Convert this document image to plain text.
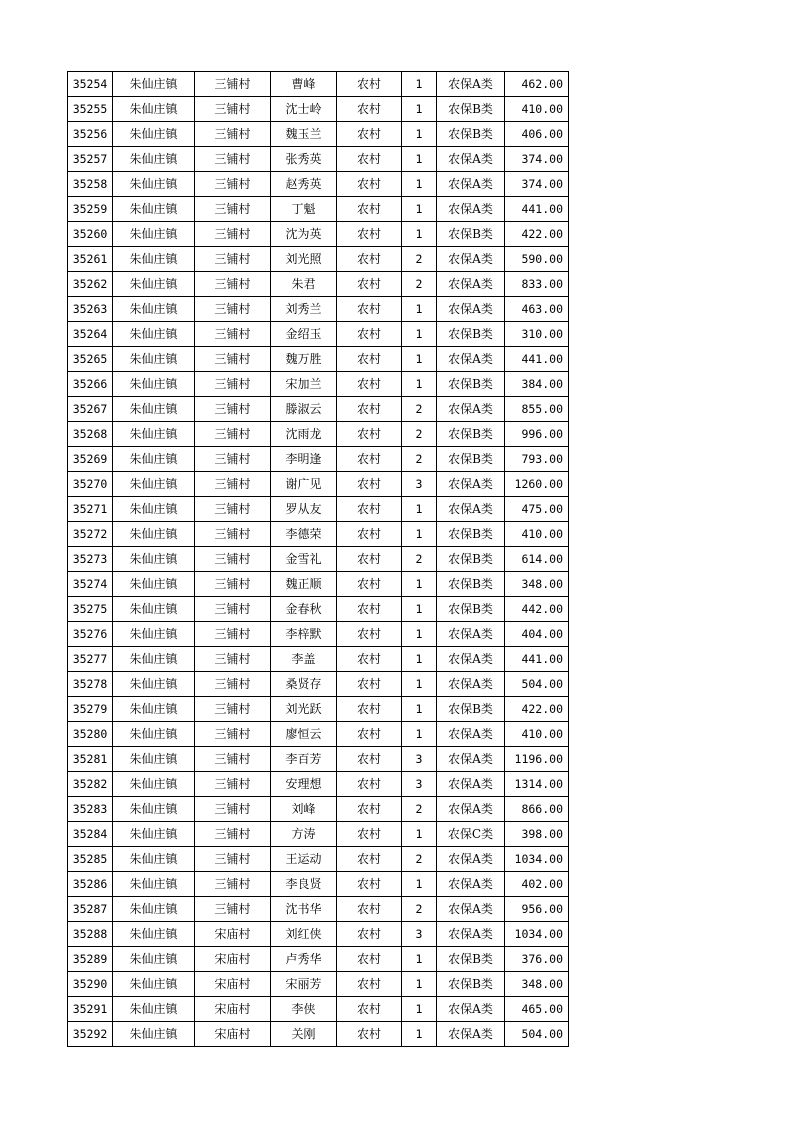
35254	朱仙庄镇	三铺村	曹峰	农村	1	农保A类	462.00
35255	朱仙庄镇	三铺村	沈士岭	农村	1	农保B类	410.00
35256	朱仙庄镇	三铺村	魏玉兰	农村	1	农保B类	406.00
35257	朱仙庄镇	三铺村	张秀英	农村	1	农保A类	374.00
35258	朱仙庄镇	三铺村	赵秀英	农村	1	农保A类	374.00
35259	朱仙庄镇	三铺村	丁魁	农村	1	农保A类	441.00
35260	朱仙庄镇	三铺村	沈为英	农村	1	农保B类	422.00
35261	朱仙庄镇	三铺村	刘光照	农村	2	农保A类	590.00
35262	朱仙庄镇	三铺村	朱君	农村	2	农保A类	833.00
35263	朱仙庄镇	三铺村	刘秀兰	农村	1	农保A类	463.00
35264	朱仙庄镇	三铺村	金绍玉	农村	1	农保B类	310.00
35265	朱仙庄镇	三铺村	魏万胜	农村	1	农保A类	441.00
35266	朱仙庄镇	三铺村	宋加兰	农村	1	农保B类	384.00
35267	朱仙庄镇	三铺村	滕淑云	农村	2	农保A类	855.00
35268	朱仙庄镇	三铺村	沈雨龙	农村	2	农保B类	996.00
35269	朱仙庄镇	三铺村	李明逢	农村	2	农保B类	793.00
35270	朱仙庄镇	三铺村	谢广见	农村	3	农保A类	1260.00
35271	朱仙庄镇	三铺村	罗从友	农村	1	农保A类	475.00
35272	朱仙庄镇	三铺村	李德荣	农村	1	农保B类	410.00
35273	朱仙庄镇	三铺村	金雪礼	农村	2	农保B类	614.00
35274	朱仙庄镇	三铺村	魏正顺	农村	1	农保B类	348.00
35275	朱仙庄镇	三铺村	金春秋	农村	1	农保B类	442.00
35276	朱仙庄镇	三铺村	李梓默	农村	1	农保A类	404.00
35277	朱仙庄镇	三铺村	李盖	农村	1	农保A类	441.00
35278	朱仙庄镇	三铺村	桑贤存	农村	1	农保A类	504.00
35279	朱仙庄镇	三铺村	刘光跃	农村	1	农保B类	422.00
35280	朱仙庄镇	三铺村	廖恒云	农村	1	农保A类	410.00
35281	朱仙庄镇	三铺村	李百芳	农村	3	农保A类	1196.00
35282	朱仙庄镇	三铺村	安理想	农村	3	农保A类	1314.00
35283	朱仙庄镇	三铺村	刘峰	农村	2	农保A类	866.00
35284	朱仙庄镇	三铺村	方涛	农村	1	农保C类	398.00
35285	朱仙庄镇	三铺村	王运动	农村	2	农保A类	1034.00
35286	朱仙庄镇	三铺村	李良贤	农村	1	农保A类	402.00
35287	朱仙庄镇	三铺村	沈书华	农村	2	农保A类	956.00
35288	朱仙庄镇	宋庙村	刘红侠	农村	3	农保A类	1034.00
35289	朱仙庄镇	宋庙村	卢秀华	农村	1	农保B类	376.00
35290	朱仙庄镇	宋庙村	宋丽芳	农村	1	农保B类	348.00
35291	朱仙庄镇	宋庙村	李侠	农村	1	农保A类	465.00
35292	朱仙庄镇	宋庙村	关刚	农村	1	农保A类	504.00
